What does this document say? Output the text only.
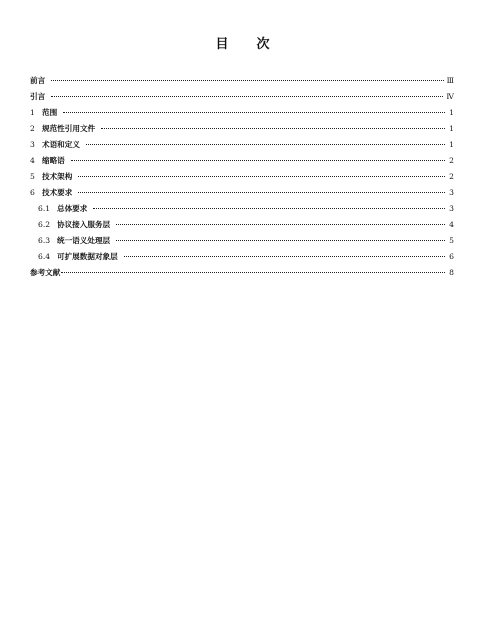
目 次
前言	Ⅲ
引言	Ⅳ
1 范围	1
2 规范性引用文件	1
3 术语和定义	1
4 缩略语	2
5 技术架构	2
6 技术要求	3
6.1 总体要求	3
6.2 协议接入服务层	4
6.3 统一语义处理层	5
6.4 可扩展数据对象层	6
参考文献	8
